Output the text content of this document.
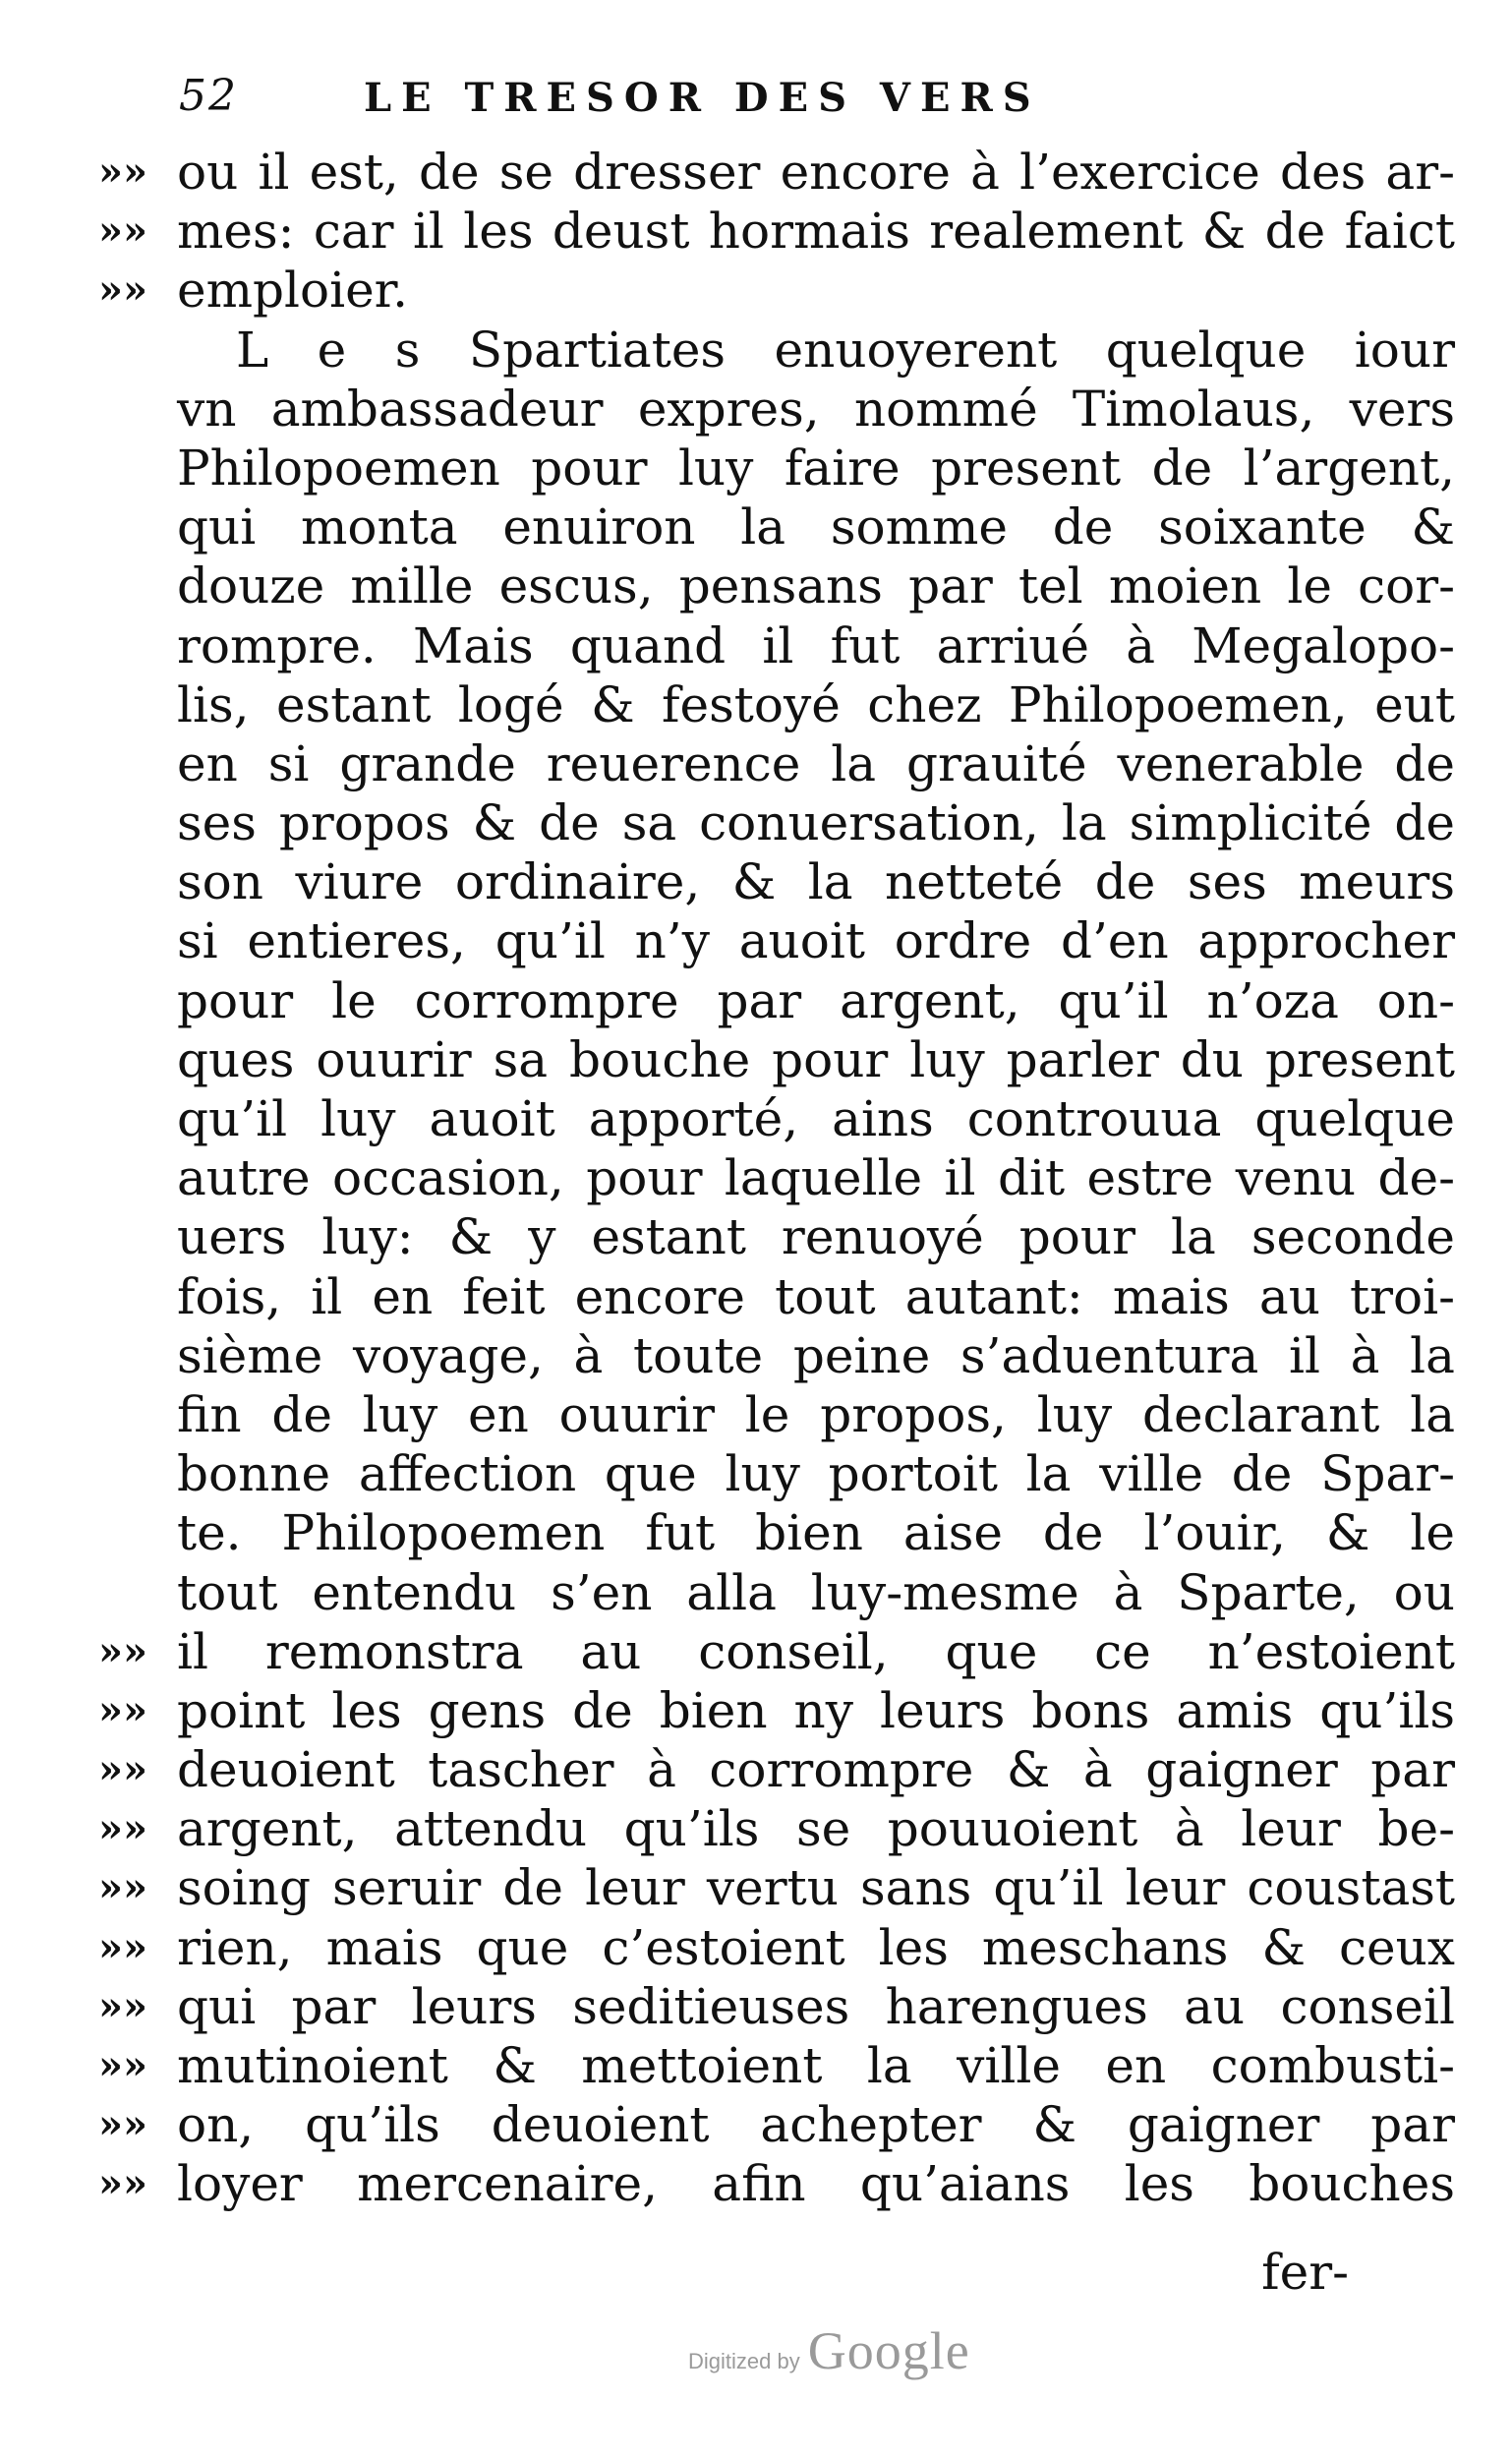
52	LE TRESOR DES VERS
»» ou il est, de se dresser encore à l’exercice des ar-
»» mes: car il les deust hormais realement & de faict
»» emploier.
L e s Spartiates enuoyerent quelque iour
vn ambassadeur expres, nommé Timolaus, vers
Philopoemen pour luy faire present de l’argent,
qui monta enuiron la somme de soixante &
douze mille escus, pensans par tel moien le cor-
rompre. Mais quand il fut arriué à Megalopo-
lis, estant logé & festoyé chez Philopoemen, eut
en si grande reuerence la grauité venerable de
ses propos & de sa conuersation, la simplicité de
son viure ordinaire, & la netteté de ses meurs
si entieres, qu’il n’y auoit ordre d’en approcher
pour le corrompre par argent, qu’il n’oza on-
ques ouurir sa bouche pour luy parler du present
qu’il luy auoit apporté, ains controuua quelque
autre occasion, pour laquelle il dit estre venu de-
uers luy: & y estant renuoyé pour la seconde
fois, il en feit encore tout autant: mais au troi-
sième voyage, à toute peine s’aduentura il à la
fin de luy en ouurir le propos, luy declarant la
bonne affection que luy portoit la ville de Spar-
te. Philopoemen fut bien aise de l’ouir, & le
tout entendu s’en alla luy-mesme à Sparte, ou
»» il remonstra au conseil, que ce n’estoient
»» point les gens de bien ny leurs bons amis qu’ils
»» deuoient tascher à corrompre & à gaigner par
»» argent, attendu qu’ils se pouuoient à leur be-
»» soing seruir de leur vertu sans qu’il leur coustast
»» rien, mais que c’estoient les meschans & ceux
»» qui par leurs seditieuses harengues au conseil
»» mutinoient & mettoient la ville en combusti-
»» on, qu’ils deuoient achepter & gaigner par
»» loyer mercenaire, afin qu’aians les bouches
fer-
Digitized by Google
